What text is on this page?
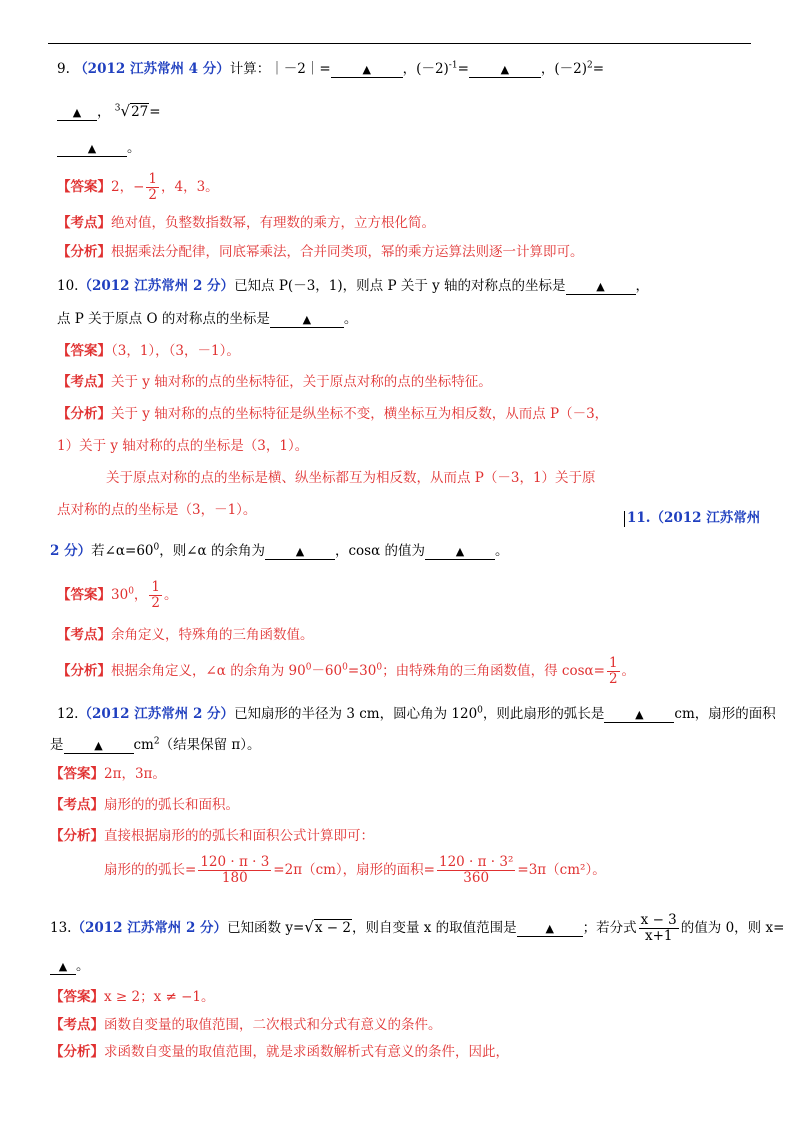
9. （2012 江苏常州 4 分）计算：｜－2｜=	▲ ，$(-2)^{-1}=$	▲ ，$(-2)^2=$
▲ ， $^3$√27=
▲ 。
【答案】2，− $\frac{1}{2}$ ，4，3。
【考点】绝对值，负整数指数幂，有理数的乘方，立方根化简。
【分析】根据乘法分配律，同底幂乘法，合并同类项，幂的乘方运算法则逐一计算即可。
10.（2012 江苏常州 2 分）已知点 P(－3，1)，则点 P 关于 y 轴的对称点的坐标是	▲ ，
点 P 关于原点 O 的对称点的坐标是	▲ 。
【答案】（3，1），（3，－1）。
【考点】关于 y 轴对称的点的坐标特征，关于原点对称的点的坐标特征。
【分析】关于 y 轴对称的点的坐标特征是纵坐标不变，横坐标互为相反数，从而点 P（－3，
1）关于 y 轴对称的点的坐标是（3，1）。
关于原点对称的点的坐标是横、纵坐标都互为相反数，从而点 P（－3，1）关于原
点对称的点的坐标是（3，－1）。	11.（2012 江苏常州
2 分）若$\angle\alpha=60^0$，则∠α 的余角为	▲ ，cosα 的值为	▲ 。
【答案】$30^0$， $\frac{1}{2}$ 。
【考点】余角定义，特殊角的三角函数值。
【分析】根据余角定义，∠α 的余角为 $90^0-60^0=30^0$；由特殊角的三角函数值，得 $\cos\alpha= \frac{1}{2}$ 。
12.（2012 江苏常州 2 分）已知扇形的半径为 3 cm，圆心角为 $120^0$，则此扇形的弧长是	▲ cm，扇形的面积
是	▲ $cm^2$（结果保留 π）。
【答案】2π，3π。
【考点】扇形的的弧长和面积。
【分析】直接根据扇形的的弧长和面积公式计算即可：
扇形的的弧长= $\frac{120 \cdot \pi \cdot 3}{180} =2\pi(cm)$，扇形的面积= $\frac{\text{120 · π · 3²}}{360} =3\pi(cm^2)$。
13.（2012 江苏常州 2 分）已知函数 y=√x − 2，则自变量 x 的取值范围是	▲ ；若分式 $\frac{x - 3}{x+1}$ 的值为 0，则 x=
▲ 。
【答案】x ≥ 2；x ≠ −1。
【考点】函数自变量的取值范围，二次根式和分式有意义的条件。
【分析】求函数自变量的取值范围，就是求函数解析式有意义的条件，因此，
